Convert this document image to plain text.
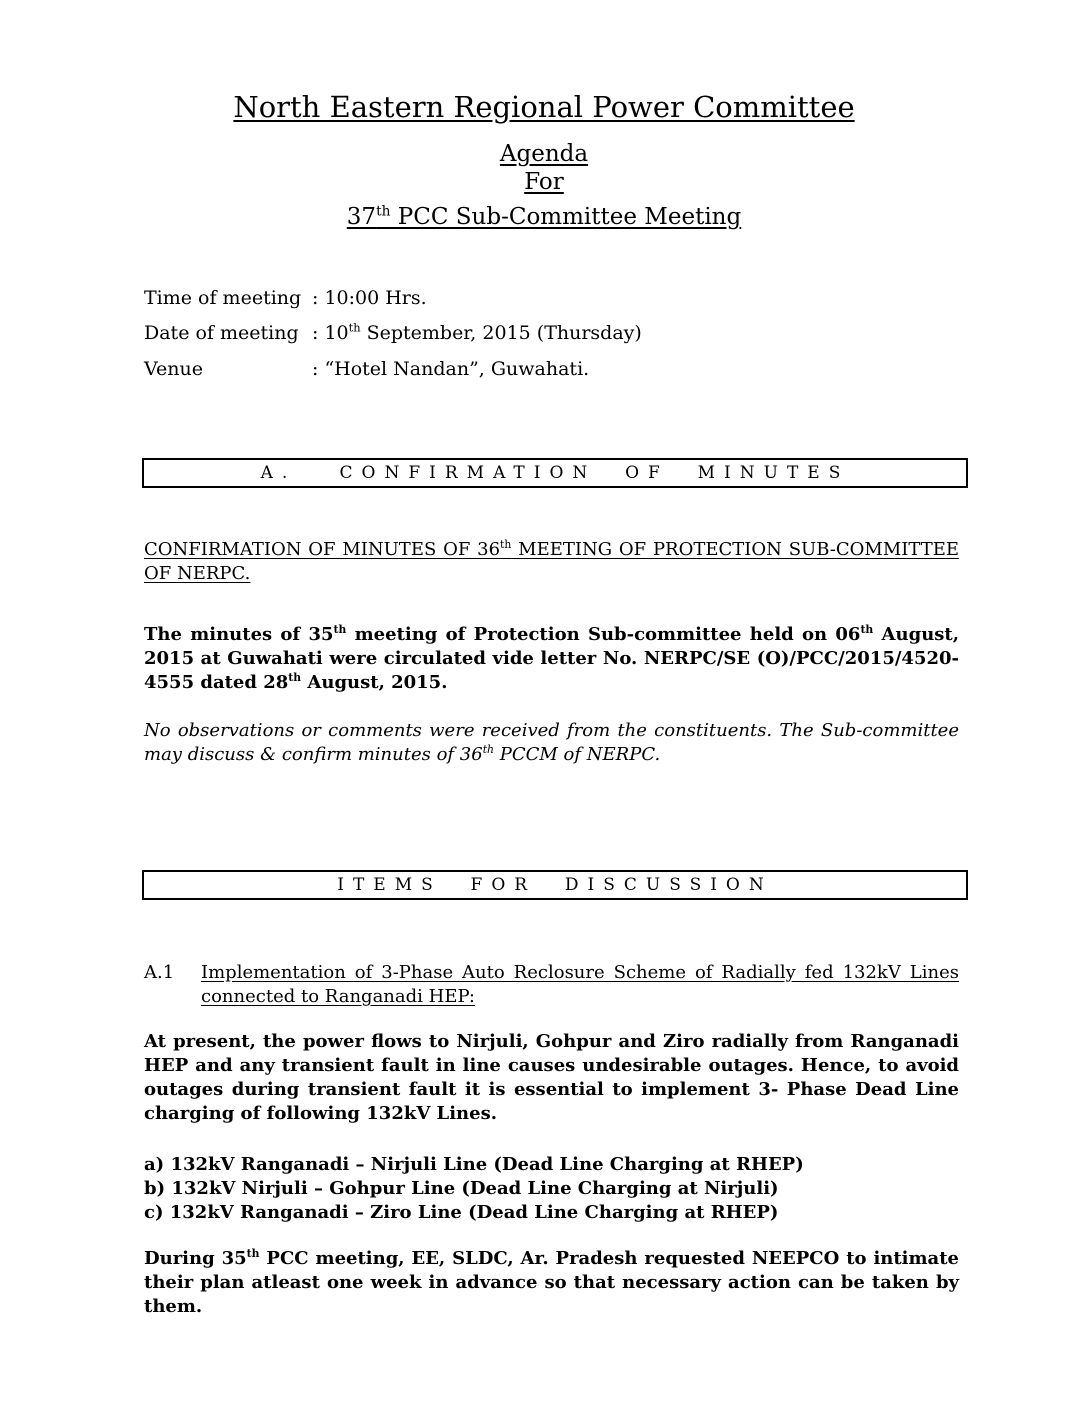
North Eastern Regional Power Committee
Agenda
For
37th PCC Sub-Committee Meeting
Time of meeting : 10:00 Hrs.
Date of meeting : 10th September, 2015 (Thursday)
Venue	: “Hotel Nandan”, Guwahati.
A.   CONFIRMATION  OF  MINUTES
CONFIRMATION OF MINUTES OF 36th MEETING OF PROTECTION SUB-COMMITTEE OF NERPC.
The minutes of 35th meeting of Protection Sub-committee held on 06th August, 2015 at Guwahati were circulated vide letter No. NERPC/SE (O)/PCC/2015/4520-4555 dated 28th August, 2015.
No observations or comments were received from the constituents. The Sub-committee may discuss & confirm minutes of 36th PCCM of NERPC.
ITEMS  FOR  DISCUSSION
A.1 Implementation of 3-Phase Auto Reclosure Scheme of Radially fed 132kV Lines connected to Ranganadi HEP:
At present, the power flows to Nirjuli, Gohpur and Ziro radially from Ranganadi HEP and any transient fault in line causes undesirable outages. Hence, to avoid outages during transient fault it is essential to implement 3- Phase Dead Line charging of following 132kV Lines.
a) 132kV Ranganadi – Nirjuli Line (Dead Line Charging at RHEP)
b) 132kV Nirjuli – Gohpur Line (Dead Line Charging at Nirjuli)
c) 132kV Ranganadi – Ziro Line (Dead Line Charging at RHEP)
During 35th PCC meeting, EE, SLDC, Ar. Pradesh requested NEEPCO to intimate their plan atleast one week in advance so that necessary action can be taken by them.
